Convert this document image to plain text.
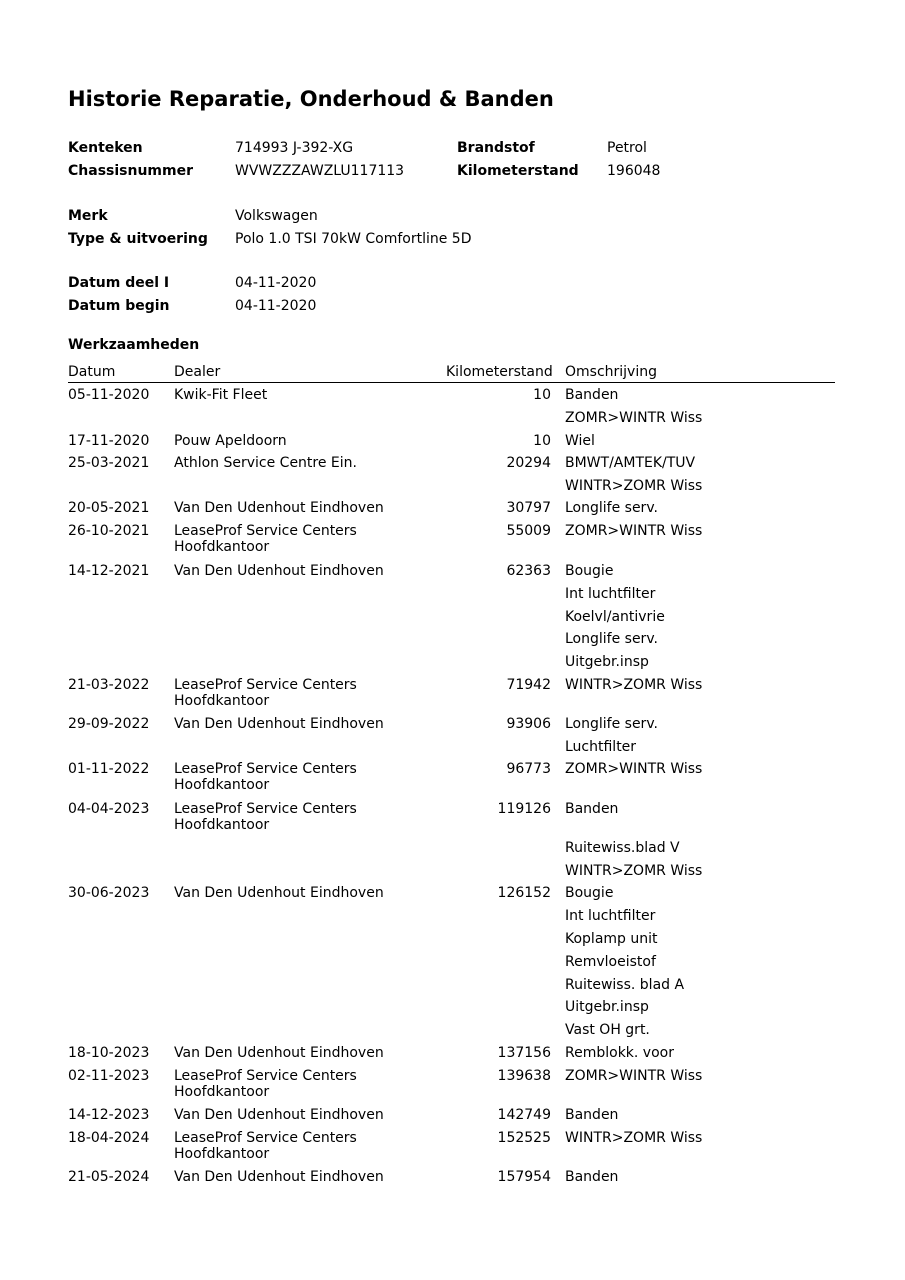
Historie Reparatie, Onderhoud & Banden
Kenteken	714993 J-392-XG	Brandstof	Petrol
Chassisnummer	WVWZZZAWZLU117113	Kilometerstand 196048
Merk	Volkswagen
Type & uitvoering Polo 1.0 TSI 70kW Comfortline 5D
Datum deel I	04-11-2020
Datum begin	04-11-2020
Werkzaamheden
Datum	Dealer	Kilometerstand Omschrijving
05-11-2020 Kwik-Fit Fleet	10 Banden
ZOMR>WINTR Wiss
17-11-2020 Pouw Apeldoorn	10 Wiel
25-03-2021 Athlon Service Centre Ein.	20294 BMWT/AMTEK/TUV
WINTR>ZOMR Wiss
20-05-2021 Van Den Udenhout Eindhoven	30797 Longlife serv.
26-10-2021 LeaseProf Service Centers	55009 ZOMR>WINTR Wiss
Hoofdkantoor
14-12-2021 Van Den Udenhout Eindhoven	62363 Bougie
Int luchtfilter
Koelvl/antivrie
Longlife serv.
Uitgebr.insp
21-03-2022 LeaseProf Service Centers	71942 WINTR>ZOMR Wiss
Hoofdkantoor
29-09-2022 Van Den Udenhout Eindhoven	93906 Longlife serv.
Luchtfilter
01-11-2022 LeaseProf Service Centers	96773 ZOMR>WINTR Wiss
Hoofdkantoor
04-04-2023 LeaseProf Service Centers	119126 Banden
Hoofdkantoor
Ruitewiss.blad V
WINTR>ZOMR Wiss
30-06-2023 Van Den Udenhout Eindhoven	126152 Bougie
Int luchtfilter
Koplamp unit
Remvloeistof
Ruitewiss. blad A
Uitgebr.insp
Vast OH grt.
18-10-2023 Van Den Udenhout Eindhoven	137156 Remblokk. voor
02-11-2023 LeaseProf Service Centers	139638 ZOMR>WINTR Wiss
Hoofdkantoor
14-12-2023 Van Den Udenhout Eindhoven	142749 Banden
18-04-2024 LeaseProf Service Centers	152525 WINTR>ZOMR Wiss
Hoofdkantoor
21-05-2024 Van Den Udenhout Eindhoven	157954 Banden
